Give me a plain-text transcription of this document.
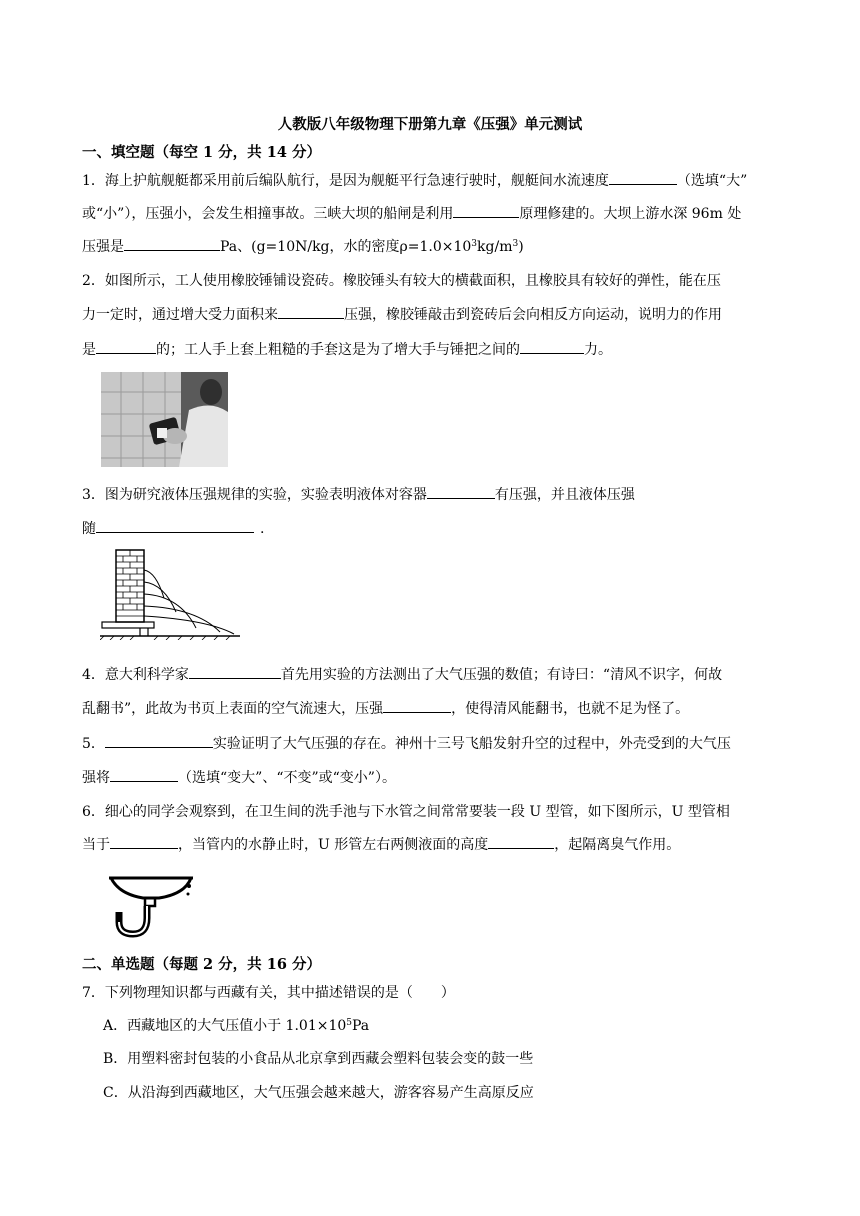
人教版八年级物理下册第九章《压强》单元测试
一、填空题（每空 1 分，共 14 分）
1．海上护航舰艇都采用前后编队航行，是因为舰艇平行急速行驶时，舰艇间水流速度	（选填“大”
或“小”），压强小，会发生相撞事故。三峡大坝的船闸是利用	原理修建的。大坝上游水深 96m 处
压强是	Pa、(g=10N/kg，水的密度$\rho=1.0\times 10^3kg/m^3$)
2．如图所示，工人使用橡胶锤铺设瓷砖。橡胶锤头有较大的横截面积，且橡胶具有较好的弹性，能在压
力一定时，通过增大受力面积来	压强，橡胶锤敲击到瓷砖后会向相反方向运动，说明力的作用
是	的；工人手上套上粗糙的手套这是为了增大手与锤把之间的	力。
3．图为研究液体压强规律的实验，实验表明液体对容器	有压强，并且液体压强
随	.
4．意大利科学家	首先用实验的方法测出了大气压强的数值；有诗曰：“清风不识字，何故
乱翻书”，此故为书页上表面的空气流速大，压强	，使得清风能翻书，也就不足为怪了。
5．	实验证明了大气压强的存在。神州十三号飞船发射升空的过程中，外壳受到的大气压
强将	（选填“变大”、“不变”或“变小”）。
6．细心的同学会观察到，在卫生间的洗手池与下水管之间常常要装一段 U 型管，如下图所示，U 型管相
当于	，当管内的水静止时，U 形管左右两侧液面的高度	，起隔离臭气作用。
二、单选题（每题 2 分，共 16 分）
7．下列物理知识都与西藏有关，其中描述错误的是（　　）
A．西藏地区的大气压值小于 $1.01\times 10^5Pa$
B．用塑料密封包装的小食品从北京拿到西藏会塑料包装会变的鼓一些
C．从沿海到西藏地区，大气压强会越来越大，游客容易产生高原反应
